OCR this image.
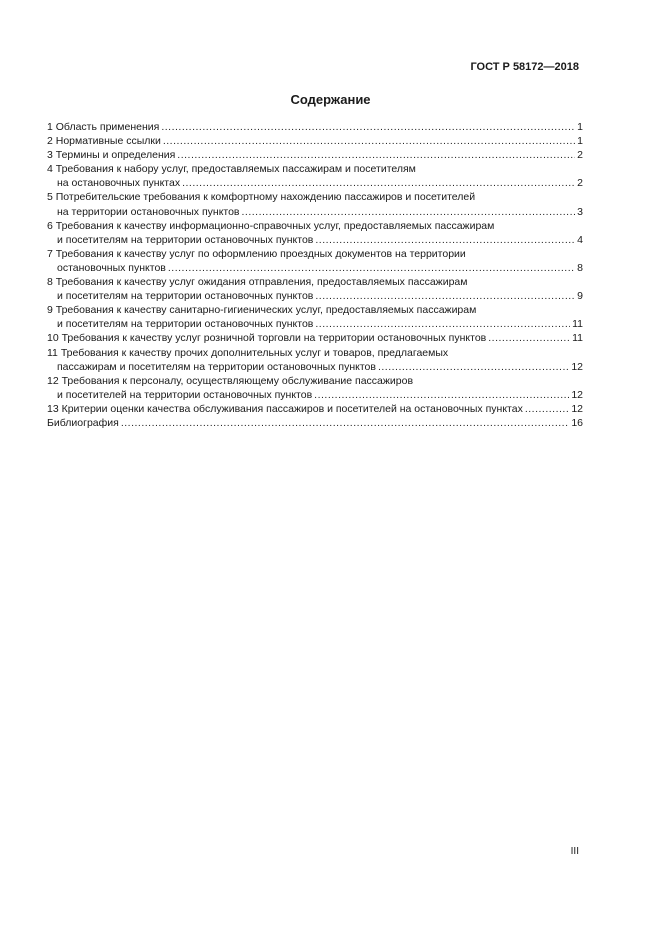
ГОСТ Р 58172—2018
Содержание
1 Область применения .....	1
2 Нормативные ссылки .....	1
3 Термины и определения .....	2
4 Требования к набору услуг, предоставляемых пассажирам и посетителям
на остановочных пунктах .....	2
5 Потребительские требования к комфортному нахождению пассажиров и посетителей
на территории остановочных пунктов .....	3
6 Требования к качеству информационно-справочных услуг, предоставляемых пассажирам
и посетителям на территории остановочных пунктов .....	4
7 Требования к качеству услуг по оформлению проездных документов на территории
остановочных пунктов .....	8
8 Требования к качеству услуг ожидания отправления, предоставляемых пассажирам
и посетителям на территории остановочных пунктов .....	9
9 Требования к качеству санитарно-гигиенических услуг, предоставляемых пассажирам
и посетителям на территории остановочных пунктов .....	11
10 Требования к качеству услуг розничной торговли на территории остановочных пунктов .....	11
11 Требования к качеству прочих дополнительных услуг и товаров, предлагаемых
пассажирам и посетителям на территории остановочных пунктов .....	12
12 Требования к персоналу, осуществляющему обслуживание пассажиров
и посетителей на территории остановочных пунктов .....	12
13 Критерии оценки качества обслуживания пассажиров и посетителей на остановочных пунктах .....	12
Библиография .....	16
III
